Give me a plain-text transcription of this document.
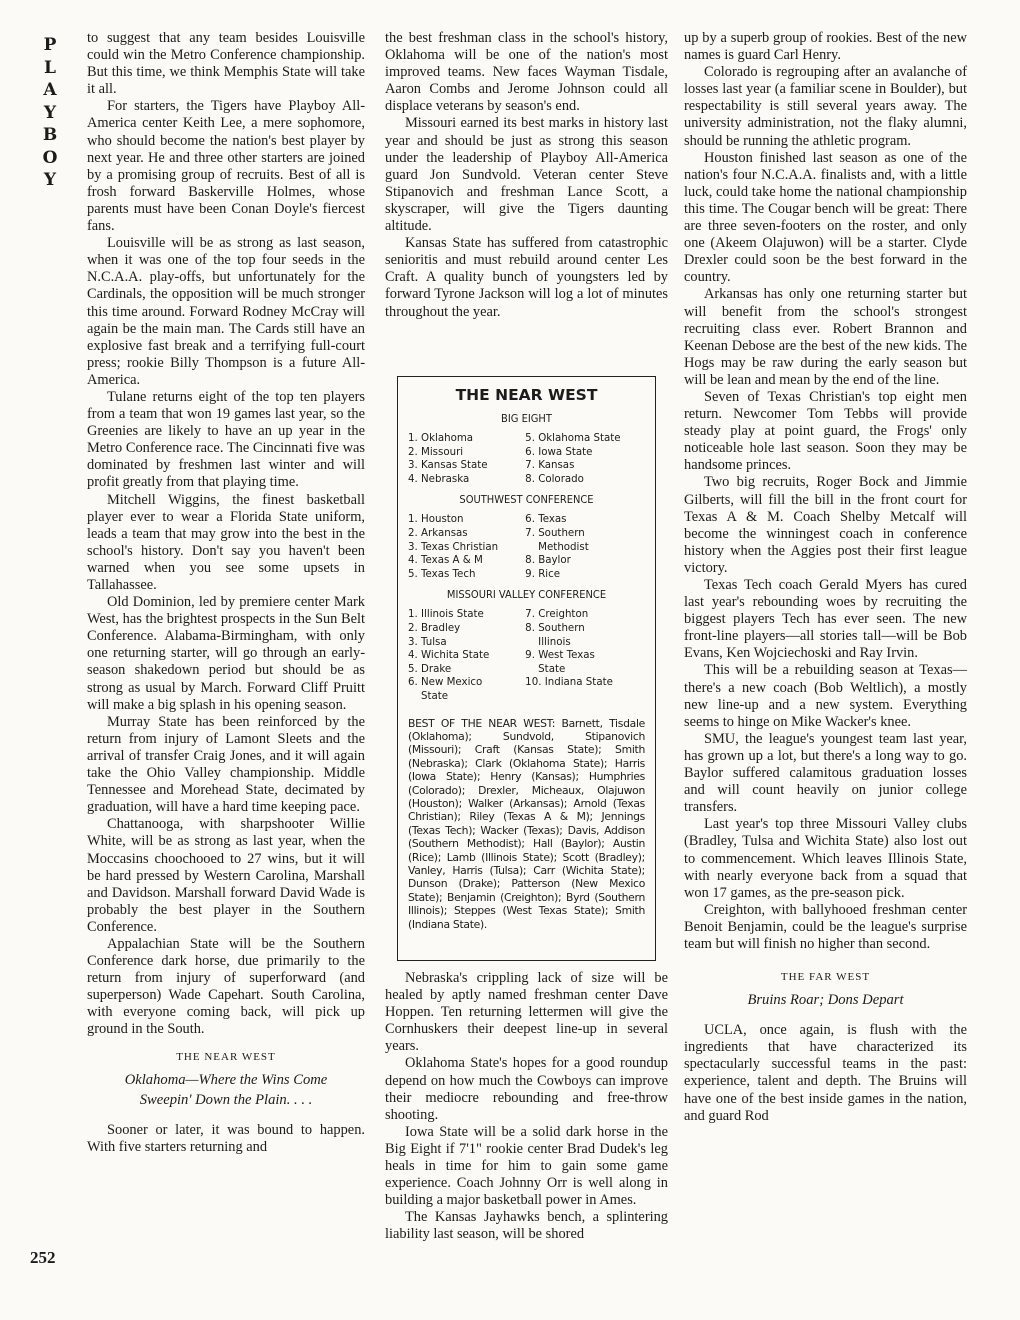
P
L
A
Y
B
O
Y
252

to suggest that any team besides Louisville could win the Metro Conference championship. But this time, we think Memphis State will take it all.

For starters, the Tigers have Playboy All-America center Keith Lee, a mere sophomore, who should become the nation's best player by next year. He and three other starters are joined by a promising group of recruits. Best of all is frosh forward Baskerville Holmes, whose parents must have been Conan Doyle's fiercest fans.

Louisville will be as strong as last season, when it was one of the top four seeds in the N.C.A.A. play-offs, but unfortunately for the Cardinals, the opposition will be much stronger this time around. Forward Rodney McCray will again be the main man. The Cards still have an explosive fast break and a terrifying full-court press; rookie Billy Thompson is a future All-America.

Tulane returns eight of the top ten players from a team that won 19 games last year, so the Greenies are likely to have an up year in the Metro Conference race. The Cincinnati five was dominated by freshmen last winter and will profit greatly from that playing time.

Mitchell Wiggins, the finest basketball player ever to wear a Florida State uniform, leads a team that may grow into the best in the school's history. Don't say you haven't been warned when you see some upsets in Tallahassee.

Old Dominion, led by premiere center Mark West, has the brightest prospects in the Sun Belt Conference. Alabama-Birmingham, with only one returning starter, will go through an early-season shakedown period but should be as strong as usual by March. Forward Cliff Pruitt will make a big splash in his opening season.

Murray State has been reinforced by the return from injury of Lamont Sleets and the arrival of transfer Craig Jones, and it will again take the Ohio Valley championship. Middle Tennessee and Morehead State, decimated by graduation, will have a hard time keeping pace.

Chattanooga, with sharpshooter Willie White, will be as strong as last year, when the Moccasins choochooed to 27 wins, but it will be hard pressed by Western Carolina, Marshall and Davidson. Marshall forward David Wade is probably the best player in the Southern Conference.

Appalachian State will be the Southern Conference dark horse, due primarily to the return from injury of superforward (and superperson) Wade Capehart. South Carolina, with everyone coming back, will pick up ground in the South.

THE NEAR WEST
Oklahoma—Where the Wins Come
Sweepin' Down the Plain. . . .

Sooner or later, it was bound to happen. With five starters returning and

the best freshman class in the school's history, Oklahoma will be one of the nation's most improved teams. New faces Wayman Tisdale, Aaron Combs and Jerome Johnson could all displace veterans by season's end.

Missouri earned its best marks in history last year and should be just as strong this season under the leadership of Playboy All-America guard Jon Sundvold. Veteran center Steve Stipanovich and freshman Lance Scott, a skyscraper, will give the Tigers daunting altitude.

Kansas State has suffered from catastrophic senioritis and must rebuild around center Les Craft. A quality bunch of youngsters led by forward Tyrone Jackson will log a lot of minutes throughout the year.

THE NEAR WEST
BIG EIGHT
1. Oklahoma
2. Missouri
3. Kansas State
4. Nebraska
5. Oklahoma State
6. Iowa State
7. Kansas
8. Colorado
SOUTHWEST CONFERENCE
1. Houston
2. Arkansas
3. Texas Christian
4. Texas A & M
5. Texas Tech
6. Texas
7. Southern
Methodist
8. Baylor
9. Rice
MISSOURI VALLEY CONFERENCE
1. Illinois State
2. Bradley
3. Tulsa
4. Wichita State
5. Drake
6. New Mexico
State
7. Creighton
8. Southern
Illinois
9. West Texas
State
10. Indiana State
BEST OF THE NEAR WEST: Barnett, Tisdale (Oklahoma); Sundvold, Stipanovich (Missouri); Craft (Kansas State); Smith (Nebraska); Clark (Oklahoma State); Harris (Iowa State); Henry (Kansas); Humphries (Colorado); Drexler, Micheaux, Olajuwon (Houston); Walker (Arkansas); Arnold (Texas Christian); Riley (Texas A & M); Jennings (Texas Tech); Wacker (Texas); Davis, Addison (Southern Methodist); Hall (Baylor); Austin (Rice); Lamb (Illinois State); Scott (Bradley); Vanley, Harris (Tulsa); Carr (Wichita State); Dunson (Drake); Patterson (New Mexico State); Benjamin (Creighton); Byrd (Southern Illinois); Steppes (West Texas State); Smith (Indiana State).

Nebraska's crippling lack of size will be healed by aptly named freshman center Dave Hoppen. Ten returning lettermen will give the Cornhuskers their deepest line-up in several years.

Oklahoma State's hopes for a good roundup depend on how much the Cowboys can improve their mediocre rebounding and free-throw shooting.

Iowa State will be a solid dark horse in the Big Eight if 7'1" rookie center Brad Dudek's leg heals in time for him to gain some game experience. Coach Johnny Orr is well along in building a major basketball power in Ames.

The Kansas Jayhawks bench, a splintering liability last season, will be shored

up by a superb group of rookies. Best of the new names is guard Carl Henry.

Colorado is regrouping after an avalanche of losses last year (a familiar scene in Boulder), but respectability is still several years away. The university administration, not the flaky alumni, should be running the athletic program.

Houston finished last season as one of the nation's four N.C.A.A. finalists and, with a little luck, could take home the national championship this time. The Cougar bench will be great: There are three seven-footers on the roster, and only one (Akeem Olajuwon) will be a starter. Clyde Drexler could soon be the best forward in the country.

Arkansas has only one returning starter but will benefit from the school's strongest recruiting class ever. Robert Brannon and Keenan Debose are the best of the new kids. The Hogs may be raw during the early season but will be lean and mean by the end of the line.

Seven of Texas Christian's top eight men return. Newcomer Tom Tebbs will provide steady play at point guard, the Frogs' only noticeable hole last season. Soon they may be handsome princes.

Two big recruits, Roger Bock and Jimmie Gilberts, will fill the bill in the front court for Texas A & M. Coach Shelby Metcalf will become the winningest coach in conference history when the Aggies post their first league victory.

Texas Tech coach Gerald Myers has cured last year's rebounding woes by recruiting the biggest players Tech has ever seen. The new front-line players—all stories tall—will be Bob Evans, Ken Wojciechoski and Ray Irvin.

This will be a rebuilding season at Texas—there's a new coach (Bob Weltlich), a mostly new line-up and a new system. Everything seems to hinge on Mike Wacker's knee.

SMU, the league's youngest team last year, has grown up a lot, but there's a long way to go. Baylor suffered calamitous graduation losses and will count heavily on junior college transfers.

Last year's top three Missouri Valley clubs (Bradley, Tulsa and Wichita State) also lost out to commencement. Which leaves Illinois State, with nearly everyone back from a squad that won 17 games, as the pre-season pick.

Creighton, with ballyhooed freshman center Benoit Benjamin, could be the league's surprise team but will finish no higher than second.

THE FAR WEST
Bruins Roar; Dons Depart

UCLA, once again, is flush with the ingredients that have characterized its spectacularly successful teams in the past: experience, talent and depth. The Bruins will have one of the best inside games in the nation, and guard Rod
